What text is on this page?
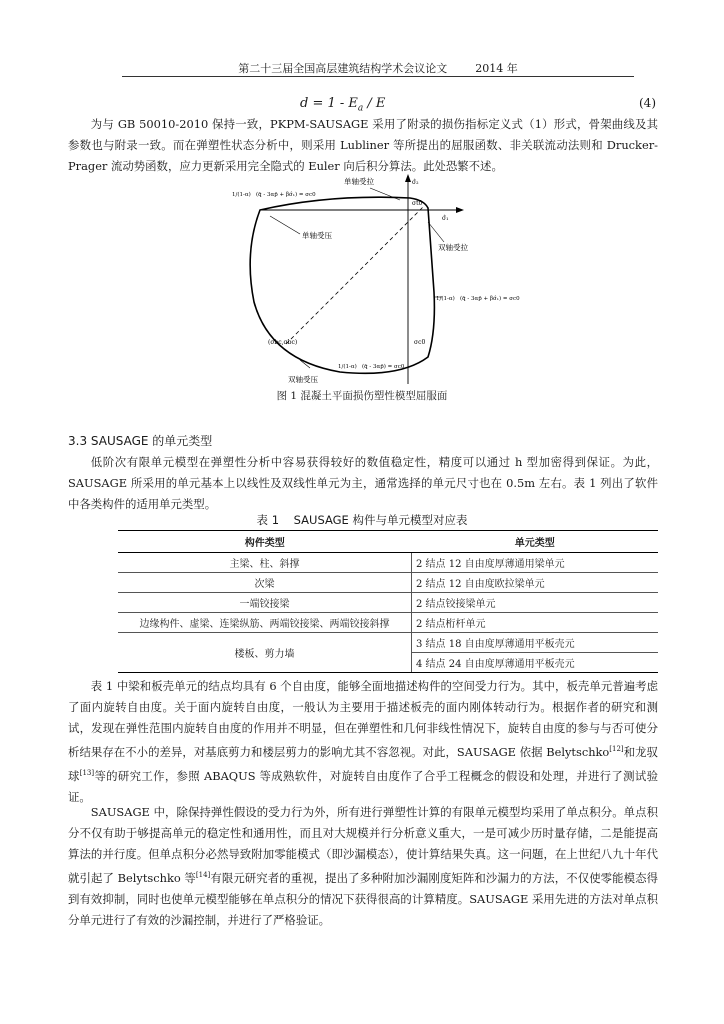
第二十三届全国高层建筑结构学术会议论文        2014 年
$d = 1 - E_a / E$	(4)

为与 GB 50010-2010 保持一致，PKPM-SAUSAGE 采用了附录的损伤指标定义式（1）形式，骨架曲线及其参数也与附录一致。而在弹塑性状态分析中，则采用 Lubliner 等所提出的屈服函数、非关联流动法则和 Drucker-Prager 流动势函数，应力更新采用完全隐式的 Euler 向后积分算法。此处恐繁不述。

单轴受拉
单轴受压
双轴受拉
双轴受压
1/(1-α) (q̄ - 3αp̄ + βσ̂₁) = σc0
1/(1-α) (q̄ - 3αp̄ + βσ̂₁) = σc0
1/(1-α) (q̄ - 3αp̄) = σc0
(σbc,σbc)	σc0
σt0
σ̂₂
σ̂₁
图 1 混凝土平面损伤塑性模型屈服面
3.3 SAUSAGE 的单元类型

低阶次有限单元模型在弹塑性分析中容易获得较好的数值稳定性，精度可以通过 h 型加密得到保证。为此，SAUSAGE 所采用的单元基本上以线性及双线性单元为主，通常选择的单元尺寸也在 0.5m 左右。表 1 列出了软件中各类构件的适用单元类型。

表 1    SAUSAGE 构件与单元模型对应表
构件类型	单元类型
主梁、柱、斜撑	2 结点 12 自由度厚薄通用梁单元
次梁	2 结点 12 自由度欧拉梁单元
一端铰接梁	2 结点铰接梁单元
边缘构件、虚梁、连梁纵筋、两端铰接梁、两端铰接斜撑	2 结点桁杆单元
楼板、剪力墙	3 结点 18 自由度厚薄通用平板壳元
	4 结点 24 自由度厚薄通用平板壳元

表 1 中梁和板壳单元的结点均具有 6 个自由度，能够全面地描述构件的空间受力行为。其中，板壳单元普遍考虑了面内旋转自由度。关于面内旋转自由度，一般认为主要用于描述板壳的面内刚体转动行为。根据作者的研究和测试，发现在弹性范围内旋转自由度的作用并不明显，但在弹塑性和几何非线性情况下，旋转自由度的参与与否可使分析结果存在不小的差异，对基底剪力和楼层剪力的影响尤其不容忽视。对此，SAUSAGE 依据 Belytschko[12]和龙驭球[13]等的研究工作，参照 ABAQUS 等成熟软件，对旋转自由度作了合乎工程概念的假设和处理，并进行了测试验证。

SAUSAGE 中，除保持弹性假设的受力行为外，所有进行弹塑性计算的有限单元模型均采用了单点积分。单点积分不仅有助于够提高单元的稳定性和通用性，而且对大规模并行分析意义重大，一是可减少历时量存储，二是能提高算法的并行度。但单点积分必然导致附加零能模式（即沙漏模态），使计算结果失真。这一问题，在上世纪八九十年代就引起了 Belytschko 等[14]有限元研究者的重视，提出了多种附加沙漏刚度矩阵和沙漏力的方法，不仅使零能模态得到有效抑制，同时也使单元模型能够在单点积分的情况下获得很高的计算精度。SAUSAGE 采用先进的方法对单点积分单元进行了有效的沙漏控制，并进行了严格验证。
